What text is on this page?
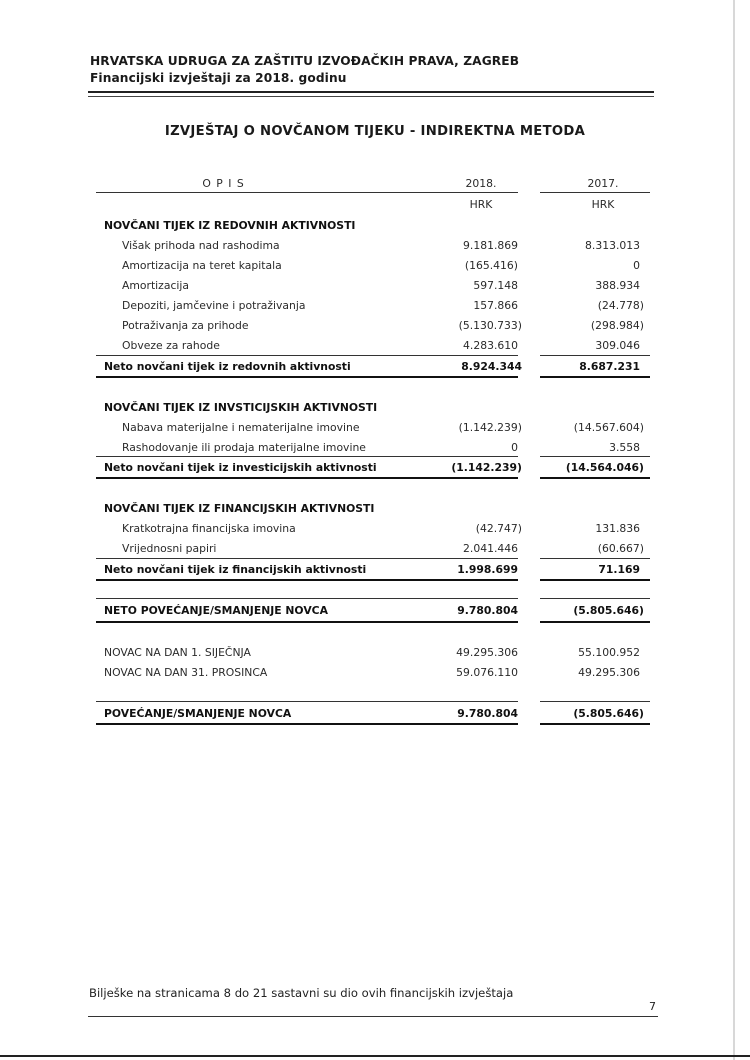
HRVATSKA UDRUGA ZA ZAŠTITU IZVOĐAČKIH PRAVA, ZAGREB
Financijski izvještaji za 2018. godinu
IZVJEŠTAJ O NOVČANOM TIJEKU - INDIREKTNA METODA
O P I S	2018.	2017.
HRK	HRK
NOVČANI TIJEK IZ REDOVNIH AKTIVNOSTI
Višak prihoda nad rashodima	9.181.869	8.313.013
Amortizacija na teret kapitala	(165.416)	0
Amortizacija	597.148	388.934
Depoziti, jamčevine i potraživanja	157.866	(24.778)
Potraživanja za prihode	(5.130.733)	(298.984)
Obveze za rahode	4.283.610	309.046
Neto novčani tijek iz redovnih aktivnosti	8.924.344	8.687.231
NOVČANI TIJEK IZ INVSTICIJSKIH AKTIVNOSTI
Nabava materijalne i nematerijalne imovine	(1.142.239)	(14.567.604)
Rashodovanje ili prodaja materijalne imovine	0	3.558
Neto novčani tijek iz investicijskih aktivnosti	(1.142.239)	(14.564.046)
NOVČANI TIJEK IZ FINANCIJSKIH AKTIVNOSTI
Kratkotrajna financijska imovina	(42.747)	131.836
Vrijednosni papiri	2.041.446	(60.667)
Neto novčani tijek iz financijskih aktivnosti	1.998.699	71.169
NETO POVEĆANJE/SMANJENJE NOVCA	9.780.804	(5.805.646)
NOVAC NA DAN 1. SIJEČNJA	49.295.306	55.100.952
NOVAC NA DAN 31. PROSINCA	59.076.110	49.295.306
POVEĆANJE/SMANJENJE NOVCA	9.780.804	(5.805.646)
Bilješke na stranicama 8 do 21 sastavni su dio ovih financijskih izvještaja
7
